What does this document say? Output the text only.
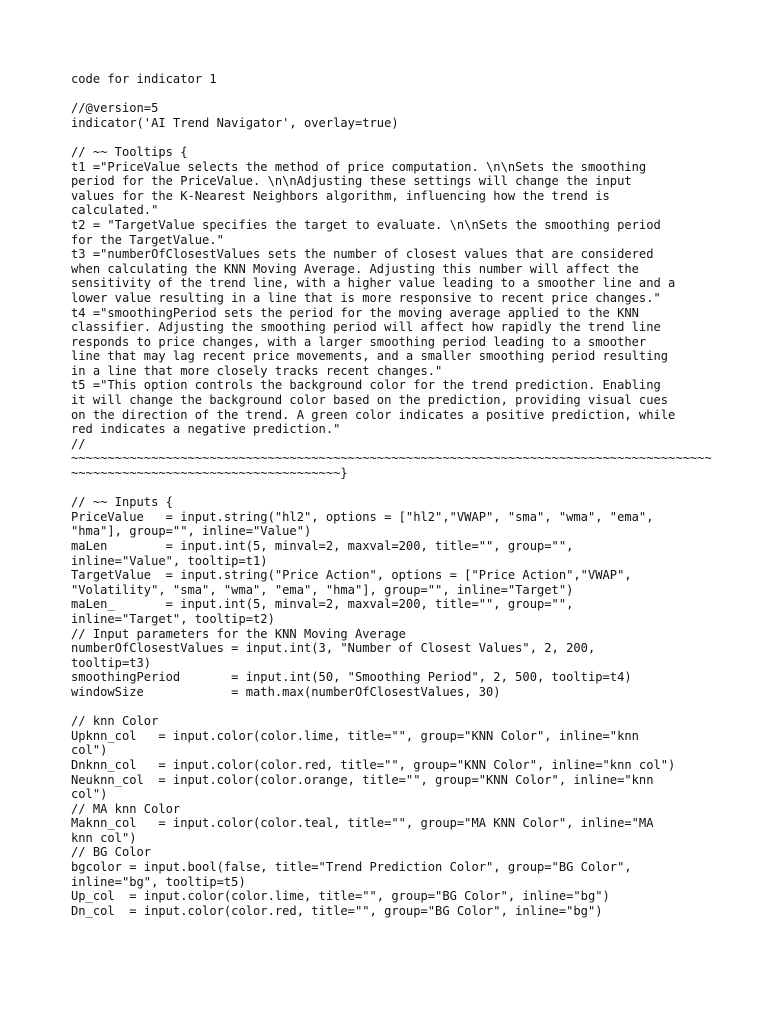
code for indicator 1
//@version=5
indicator('AI Trend Navigator', overlay=true)
// ~~ Tooltips {
t1 ="PriceValue selects the method of price computation. \n\nSets the smoothing
period for the PriceValue. \n\nAdjusting these settings will change the input
values for the K-Nearest Neighbors algorithm, influencing how the trend is
calculated."
t2 = "TargetValue specifies the target to evaluate. \n\nSets the smoothing period
for the TargetValue."
t3 ="numberOfClosestValues sets the number of closest values that are considered
when calculating the KNN Moving Average. Adjusting this number will affect the
sensitivity of the trend line, with a higher value leading to a smoother line and a
lower value resulting in a line that is more responsive to recent price changes."
t4 ="smoothingPeriod sets the period for the moving average applied to the KNN
classifier. Adjusting the smoothing period will affect how rapidly the trend line
responds to price changes, with a larger smoothing period leading to a smoother
line that may lag recent price movements, and a smaller smoothing period resulting
in a line that more closely tracks recent changes."
t5 ="This option controls the background color for the trend prediction. Enabling
it will change the background color based on the prediction, providing visual cues
on the direction of the trend. A green color indicates a positive prediction, while
red indicates a negative prediction."
//
~~~~~~~~~~~~~~~~~~~~~~~~~~~~~~~~~~~~~~~~~~~~~~~~~~~~~~~~~~~~~~~~~~~~~~~~~~~~~~~~~~~~~~~~
~~~~~~~~~~~~~~~~~~~~~~~~~~~~~~~~~~~~~}
// ~~ Inputs {
PriceValue   = input.string("hl2", options = ["hl2","VWAP", "sma", "wma", "ema",
"hma"], group="", inline="Value")
maLen        = input.int(5, minval=2, maxval=200, title="", group="",
inline="Value", tooltip=t1)
TargetValue  = input.string("Price Action", options = ["Price Action","VWAP",
"Volatility", "sma", "wma", "ema", "hma"], group="", inline="Target")
maLen_       = input.int(5, minval=2, maxval=200, title="", group="",
inline="Target", tooltip=t2)
// Input parameters for the KNN Moving Average
numberOfClosestValues = input.int(3, "Number of Closest Values", 2, 200,
tooltip=t3)
smoothingPeriod       = input.int(50, "Smoothing Period", 2, 500, tooltip=t4)
windowSize            = math.max(numberOfClosestValues, 30)
// knn Color
Upknn_col   = input.color(color.lime, title="", group="KNN Color", inline="knn
col")
Dnknn_col   = input.color(color.red, title="", group="KNN Color", inline="knn col")
Neuknn_col  = input.color(color.orange, title="", group="KNN Color", inline="knn
col")
// MA knn Color
Maknn_col   = input.color(color.teal, title="", group="MA KNN Color", inline="MA
knn col")
// BG Color
bgcolor = input.bool(false, title="Trend Prediction Color", group="BG Color",
inline="bg", tooltip=t5)
Up_col  = input.color(color.lime, title="", group="BG Color", inline="bg")
Dn_col  = input.color(color.red, title="", group="BG Color", inline="bg")
